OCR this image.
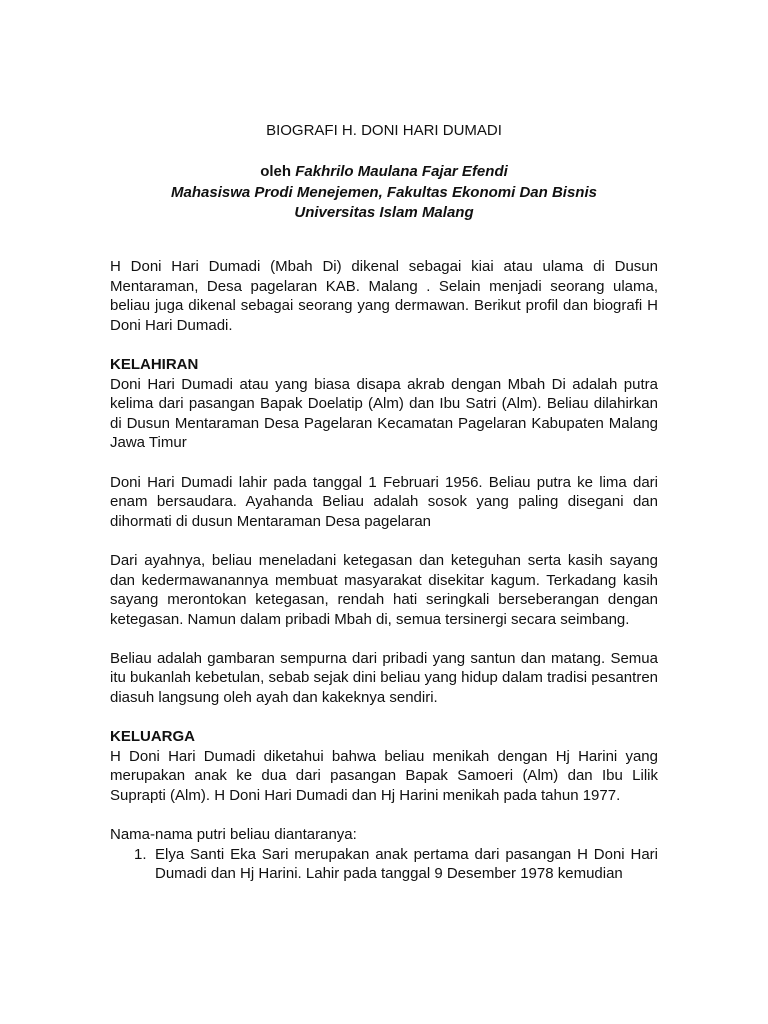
BIOGRAFI H. DONI HARI DUMADI
oleh Fakhrilo Maulana Fajar Efendi
Mahasiswa Prodi Menejemen, Fakultas Ekonomi Dan Bisnis
Universitas Islam Malang

H Doni Hari Dumadi (Mbah Di) dikenal sebagai kiai atau ulama di Dusun Mentaraman, Desa pagelaran KAB. Malang . Selain menjadi seorang ulama, beliau juga dikenal sebagai seorang yang dermawan. Berikut profil dan biografi H Doni Hari Dumadi.

KELAHIRAN

Doni Hari Dumadi atau yang biasa disapa akrab dengan Mbah Di adalah putra kelima dari pasangan Bapak Doelatip (Alm) dan Ibu Satri (Alm). Beliau dilahirkan di Dusun Mentaraman Desa Pagelaran Kecamatan Pagelaran Kabupaten Malang Jawa Timur

Doni Hari Dumadi lahir pada tanggal 1 Februari 1956. Beliau putra ke lima dari enam bersaudara. Ayahanda Beliau adalah sosok yang paling disegani dan dihormati di dusun Mentaraman Desa pagelaran

Dari ayahnya, beliau meneladani ketegasan dan keteguhan serta kasih sayang dan kedermawanannya membuat masyarakat disekitar kagum. Terkadang kasih sayang merontokan ketegasan, rendah hati seringkali berseberangan dengan ketegasan. Namun dalam pribadi Mbah di, semua tersinergi secara seimbang.

Beliau adalah gambaran sempurna dari pribadi yang santun dan matang. Semua itu bukanlah kebetulan, sebab sejak dini beliau yang hidup dalam tradisi pesantren diasuh langsung oleh ayah dan kakeknya sendiri.

KELUARGA

H Doni Hari Dumadi diketahui bahwa beliau menikah dengan Hj Harini yang merupakan anak ke dua dari pasangan Bapak Samoeri (Alm) dan Ibu Lilik Suprapti (Alm). H Doni Hari Dumadi dan Hj Harini menikah pada tahun 1977.

Nama-nama putri beliau diantaranya:

1. Elya Santi Eka Sari merupakan anak pertama dari pasangan H Doni Hari Dumadi dan Hj Harini. Lahir pada tanggal 9 Desember 1978 kemudian
